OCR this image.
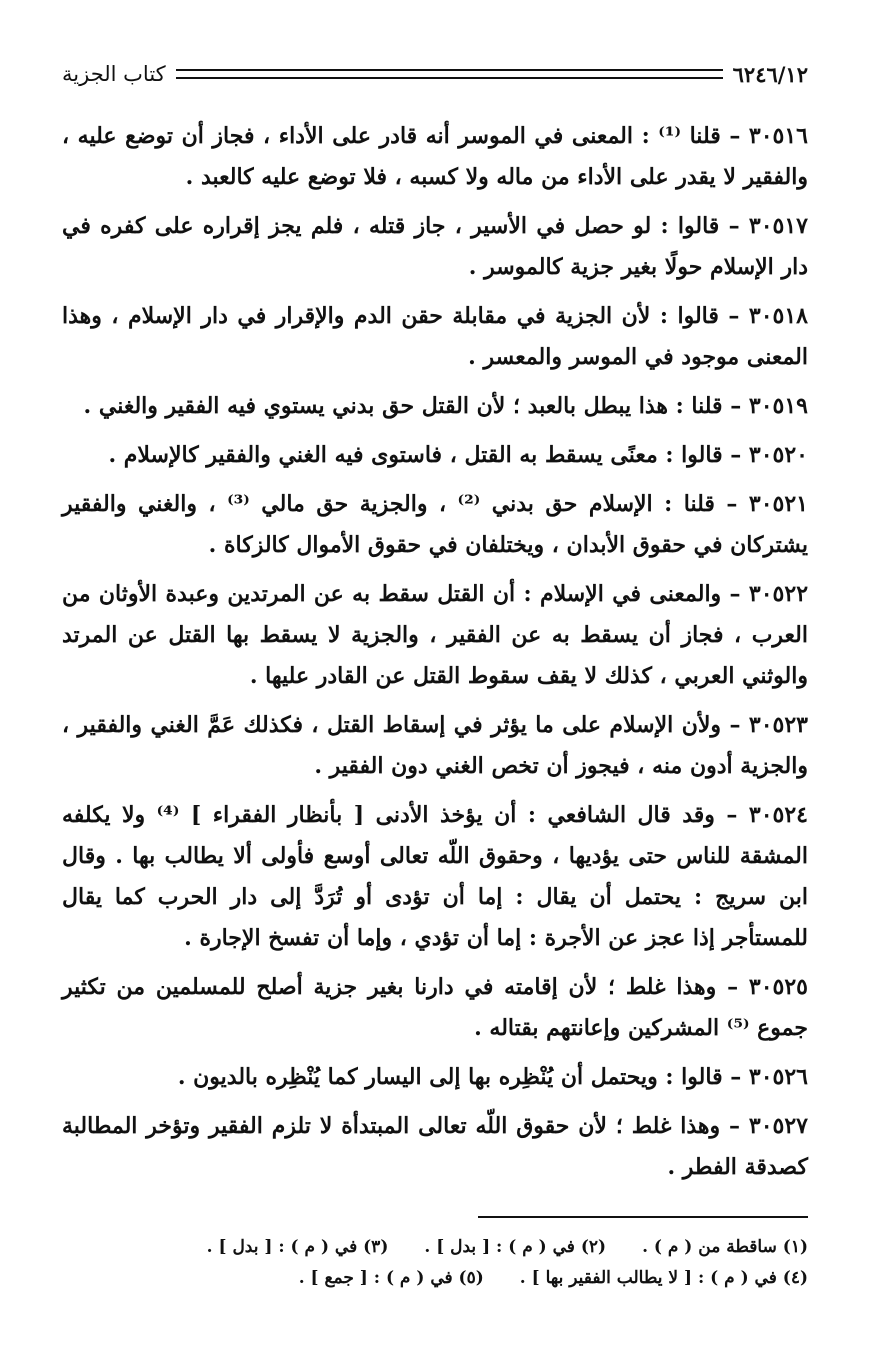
٦٢٤٦/١٢
كتاب الجزية

٣٠٥١٦ – قلنا ⁽¹⁾ : المعنى في الموسر أنه قادر على الأداء ، فجاز أن توضع عليه ، والفقير لا يقدر على الأداء من ماله ولا كسبه ، فلا توضع عليه كالعبد .

٣٠٥١٧ – قالوا : لو حصل في الأسير ، جاز قتله ، فلم يجز إقراره على كفره في دار الإسلام حولًا بغير جزية كالموسر .

٣٠٥١٨ – قالوا : لأن الجزية في مقابلة حقن الدم والإقرار في دار الإسلام ، وهذا المعنى موجود في الموسر والمعسر .

٣٠٥١٩ – قلنا : هذا يبطل بالعبد ؛ لأن القتل حق بدني يستوي فيه الفقير والغني .

٣٠٥٢٠ – قالوا : معنًى يسقط به القتل ، فاستوى فيه الغني والفقير كالإسلام .

٣٠٥٢١ – قلنا : الإسلام حق بدني ⁽²⁾ ، والجزية حق مالي ⁽³⁾ ، والغني والفقير يشتركان في حقوق الأبدان ، ويختلفان في حقوق الأموال كالزكاة .

٣٠٥٢٢ – والمعنى في الإسلام : أن القتل سقط به عن المرتدين وعبدة الأوثان من العرب ، فجاز أن يسقط به عن الفقير ، والجزية لا يسقط بها القتل عن المرتد والوثني العربي ، كذلك لا يقف سقوط القتل عن القادر عليها .

٣٠٥٢٣ – ولأن الإسلام على ما يؤثر في إسقاط القتل ، فكذلك عَمَّ الغني والفقير ، والجزية أدون منه ، فيجوز أن تخص الغني دون الفقير .

٣٠٥٢٤ – وقد قال الشافعي : أن يؤخذ الأدنى [ بأنظار الفقراء ] ⁽⁴⁾ ولا يكلفه المشقة للناس حتى يؤديها ، وحقوق اللّه تعالى أوسع فأولى ألا يطالب بها . وقال ابن سريج : يحتمل أن يقال : إما أن تؤدى أو تُرَدَّ إلى دار الحرب كما يقال للمستأجر إذا عجز عن الأجرة : إما أن تؤدي ، وإما أن تفسخ الإجارة .

٣٠٥٢٥ – وهذا غلط ؛ لأن إقامته في دارنا بغير جزية أصلح للمسلمين من تكثير جموع ⁽⁵⁾ المشركين وإعانتهم بقتاله .

٣٠٥٢٦ – قالوا : ويحتمل أن يُنْظِره بها إلى اليسار كما يُنْظِره بالديون .

٣٠٥٢٧ – وهذا غلط ؛ لأن حقوق اللّه تعالى المبتدأة لا تلزم الفقير وتؤخر المطالبة كصدقة الفطر .

(١) ساقطة من ( م ) .
(٢) في ( م ) : [ بدل ] .
(٣) في ( م ) : [ بدل ] .
(٤) في ( م ) : [ لا يطالب الفقير بها ] .
(٥) في ( م ) : [ جمع ] .
